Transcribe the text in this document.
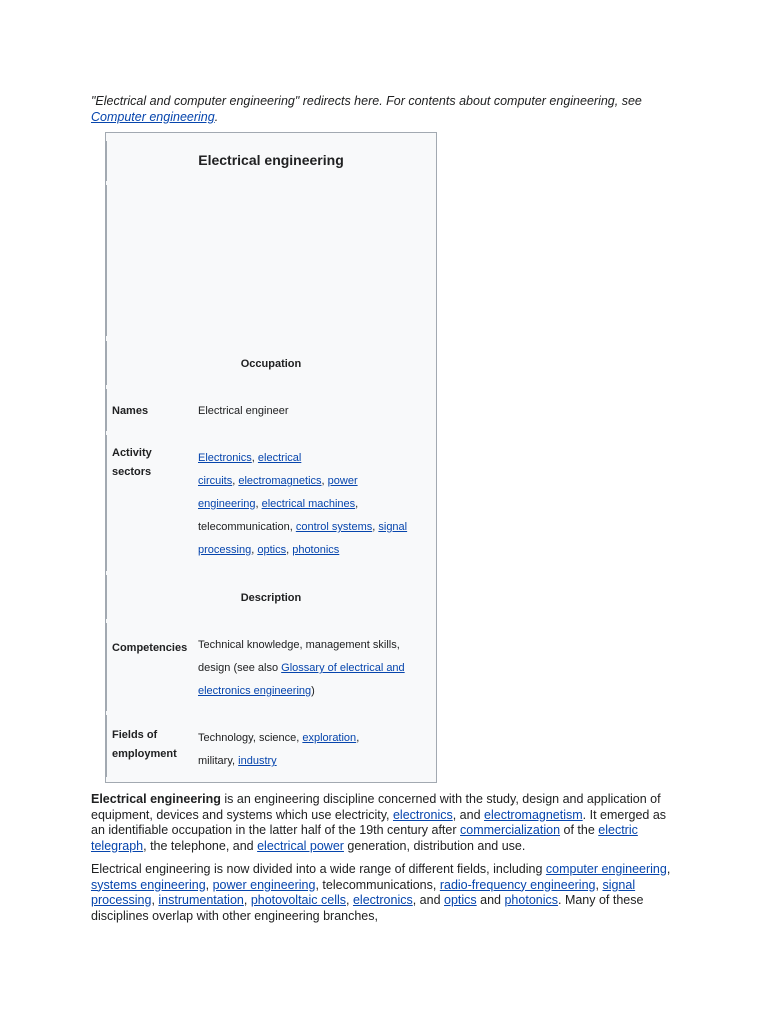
"Electrical and computer engineering" redirects here. For contents about computer engineering, see Computer engineering.
Electrical engineering
Occupation
Names	Electrical engineer
Activity
sectors
Electronics, electrical
circuits, electromagnetics, power
engineering, electrical machines,
telecommunication, control systems, signal
processing, optics, photonics
Description
Competencies Technical knowledge, management skills,
design (see also Glossary of electrical and
electronics engineering)
Fields of
employment
Technology, science, exploration,
military, industry
Electrical engineering is an engineering discipline concerned with the study, design and application of equipment, devices and systems which use electricity, electronics, and electromagnetism. It emerged as an identifiable occupation in the latter half of the 19th century after commercialization of the electric telegraph, the telephone, and electrical power generation, distribution and use.
Electrical engineering is now divided into a wide range of different fields, including computer engineering, systems engineering, power engineering, telecommunications, radio-frequency engineering, signal processing, instrumentation, photovoltaic cells, electronics, and optics and photonics. Many of these disciplines overlap with other engineering branches,
